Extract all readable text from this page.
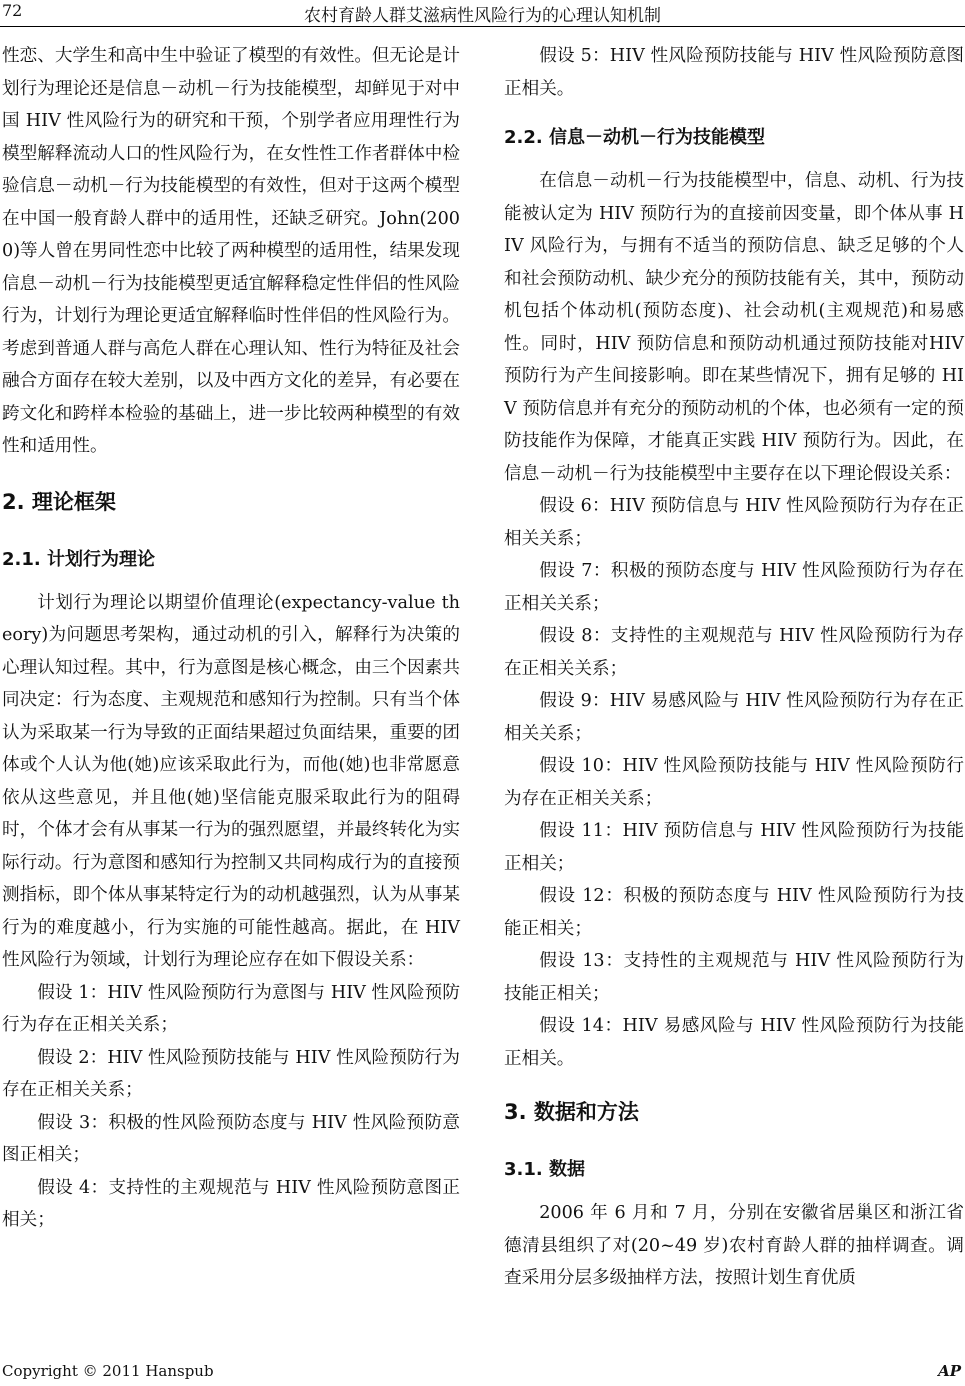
72	农村育龄人群艾滋病性风险行为的心理认知机制

性恋、大学生和高中生中验证了模型的有效性。但无论是计划行为理论还是信息－动机－行为技能模型，却鲜见于对中国 HIV 性风险行为的研究和干预，个别学者应用理性行为模型解释流动人口的性风险行为，在女性性工作者群体中检验信息－动机－行为技能模型的有效性，但对于这两个模型在中国一般育龄人群中的适用性，还缺乏研究。John(2000)等人曾在男同性恋中比较了两种模型的适用性，结果发现信息－动机－行为技能模型更适宜解释稳定性伴侣的性风险行为，计划行为理论更适宜解释临时性伴侣的性风险行为。考虑到普通人群与高危人群在心理认知、性行为特征及社会融合方面存在较大差别，以及中西方文化的差异，有必要在跨文化和跨样本检验的基础上，进一步比较两种模型的有效性和适用性。

2. 理论框架
2.1. 计划行为理论

计划行为理论以期望价值理论(expectancy-value theory)为问题思考架构，通过动机的引入，解释行为决策的心理认知过程。其中，行为意图是核心概念，由三个因素共同决定：行为态度、主观规范和感知行为控制。只有当个体认为采取某一行为导致的正面结果超过负面结果，重要的团体或个人认为他(她)应该采取此行为，而他(她)也非常愿意依从这些意见，并且他(她)坚信能克服采取此行为的阻碍时，个体才会有从事某一行为的强烈愿望，并最终转化为实际行动。行为意图和感知行为控制又共同构成行为的直接预测指标，即个体从事某特定行为的动机越强烈，认为从事某行为的难度越小，行为实施的可能性越高。据此，在 HIV 性风险行为领域，计划行为理论应存在如下假设关系：

假设 1：HIV 性风险预防行为意图与 HIV 性风险预防行为存在正相关关系；

假设 2：HIV 性风险预防技能与 HIV 性风险预防行为存在正相关关系；

假设 3：积极的性风险预防态度与 HIV 性风险预防意图正相关；

假设 4：支持性的主观规范与 HIV 性风险预防意图正相关；

假设 5：HIV 性风险预防技能与 HIV 性风险预防意图正相关。

2.2. 信息－动机－行为技能模型

在信息－动机－行为技能模型中，信息、动机、行为技能被认定为 HIV 预防行为的直接前因变量，即个体从事 HIV 风险行为，与拥有不适当的预防信息、缺乏足够的个人和社会预防动机、缺少充分的预防技能有关，其中，预防动机包括个体动机(预防态度)、社会动机(主观规范)和易感性。同时，HIV 预防信息和预防动机通过预防技能对HIV预防行为产生间接影响。即在某些情况下，拥有足够的 HIV 预防信息并有充分的预防动机的个体，也必须有一定的预防技能作为保障，才能真正实践 HIV 预防行为。因此，在信息－动机－行为技能模型中主要存在以下理论假设关系：

假设 6：HIV 预防信息与 HIV 性风险预防行为存在正相关关系；

假设 7：积极的预防态度与 HIV 性风险预防行为存在正相关关系；

假设 8：支持性的主观规范与 HIV 性风险预防行为存在正相关关系；

假设 9：HIV 易感风险与 HIV 性风险预防行为存在正相关关系；

假设 10：HIV 性风险预防技能与 HIV 性风险预防行为存在正相关关系；

假设 11：HIV 预防信息与 HIV 性风险预防行为技能正相关；

假设 12：积极的预防态度与 HIV 性风险预防行为技能正相关；

假设 13：支持性的主观规范与 HIV 性风险预防行为技能正相关；

假设 14：HIV 易感风险与 HIV 性风险预防行为技能正相关。

3. 数据和方法
3.1. 数据

2006 年 6 月和 7 月，分别在安徽省居巢区和浙江省德清县组织了对(20~49 岁)农村育龄人群的抽样调查。调查采用分层多级抽样方法，按照计划生育优质

Copyright © 2011 Hanspub	AP
